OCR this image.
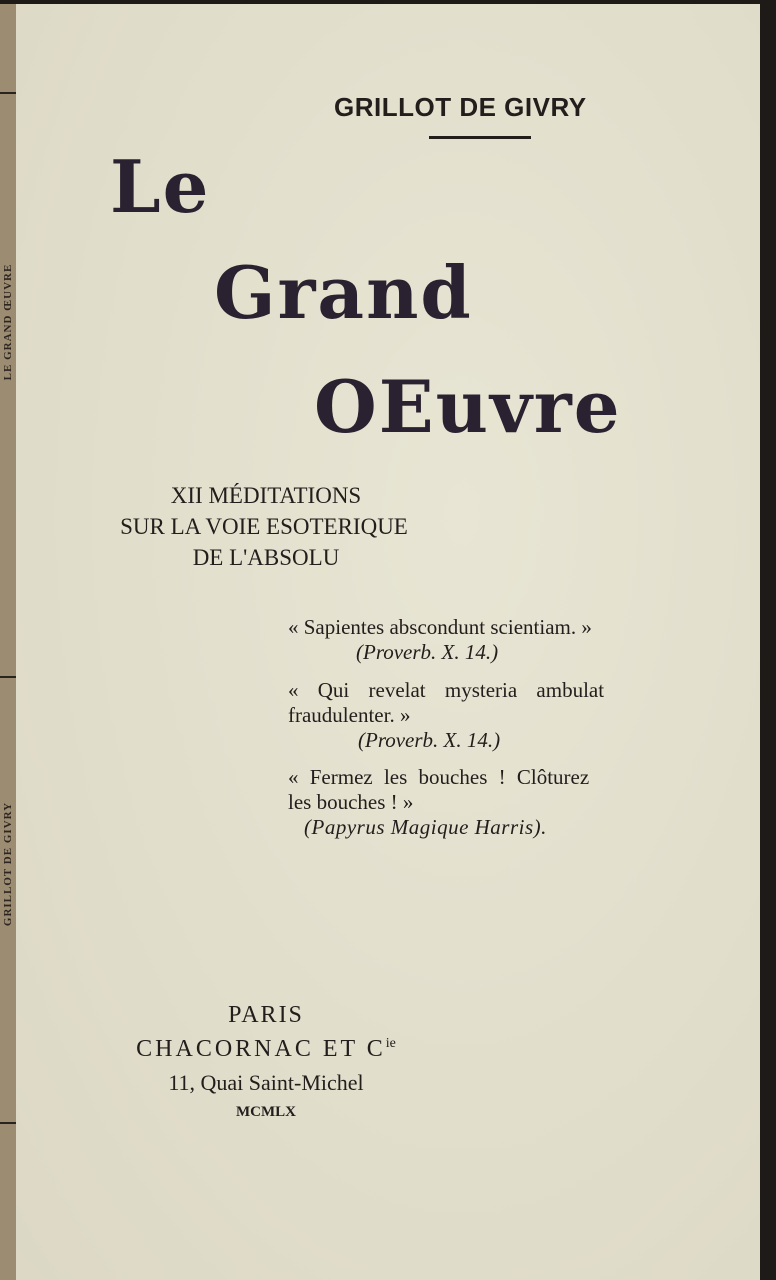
LE GRAND ŒUVRE
GRILLOT DE GIVRY
GRILLOT DE GIVRY
Le
Grand
OEuvre
XII MÉDITATIONS
SUR LA VOIE ESOTERIQUE
DE L'ABSOLU
« Sapientes abscondunt scientiam. »
(Proverb. X. 14.)
« Qui revelat mysteria ambulat
fraudulenter. »
(Proverb. X. 14.)
« Fermez les bouches ! Clôturez
les bouches ! »
(Papyrus Magique Harris).
PARIS
CHACORNAC ET $C^{ie}$
11, Quai Saint-Michel
MCMLX
